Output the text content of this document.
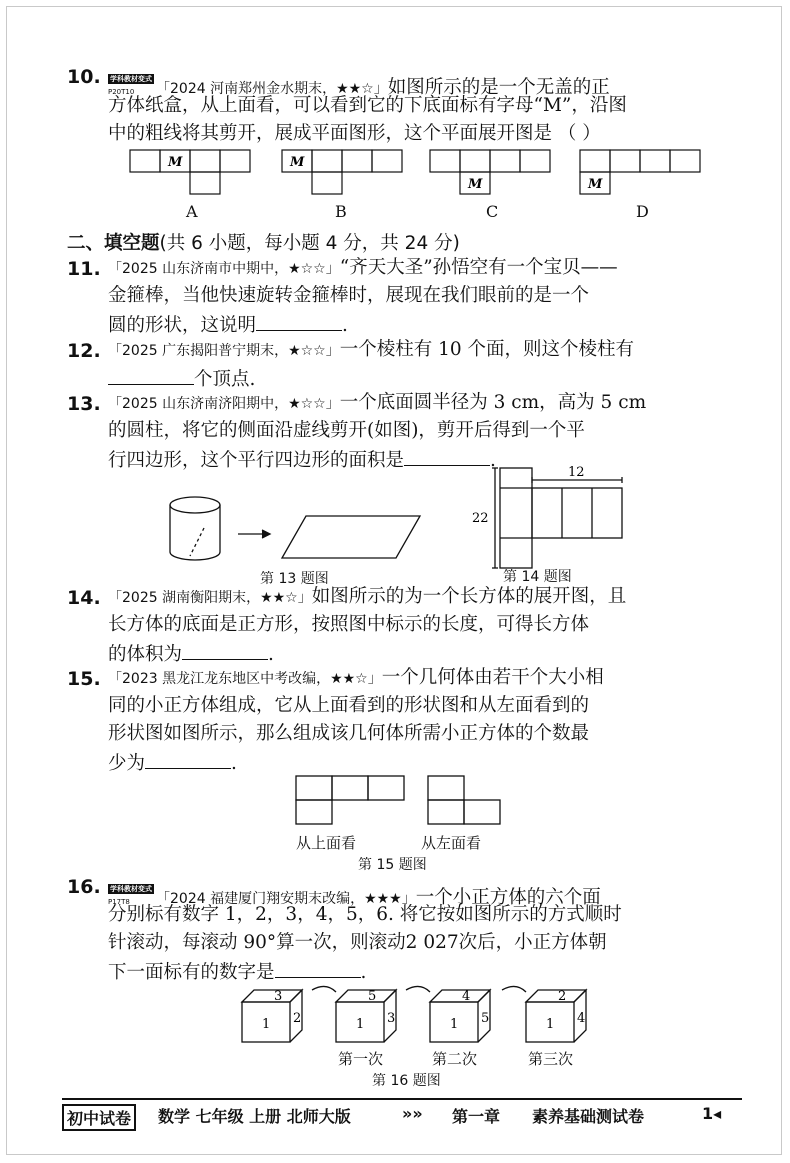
10. 学科教材变式
P20T10 「2024 河南郑州金水期末，★★☆」如图所示的是一个无盖的正
方体纸盒，从上面看，可以看到它的下底面标有字母“M”，沿图
中的粗线将其剪开，展成平面图形，这个平面展开图是 （ ）
M	M
M	M
A	B	C	D
二、填空题(共 6 小题，每小题 4 分，共 24 分)
11. 「2025 山东济南市中期中，★☆☆」“齐天大圣”孙悟空有一个宝贝——
金箍棒，当他快速旋转金箍棒时，展现在我们眼前的是一个
圆的形状，这说明	.
12. 「2025 广东揭阳普宁期末，★☆☆」一个棱柱有 10 个面，则这个棱柱有
个顶点.
13. 「2025 山东济南济阳期中，★☆☆」一个底面圆半径为 3 cm，高为 5 cm
的圆柱，将它的侧面沿虚线剪开(如图)，剪开后得到一个平
行四边形，这个平行四边形的面积是	.
第 13 题图
12
22
第 14 题图
14. 「2025 湖南衡阳期末，★★☆」如图所示的为一个长方体的展开图，且
长方体的底面是正方形，按照图中标示的长度，可得长方体
的体积为	.
15. 「2023 黑龙江龙东地区中考改编，★★☆」一个几何体由若干个大小相
同的小正方体组成，它从上面看到的形状图和从左面看到的
形状图如图所示，那么组成该几何体所需小正方体的个数最
少为	.
从上面看	从左面看
第 15 题图
16. 学科教材变式
P17T8 「2024 福建厦门翔安期末改编，★★★」一个小正方体的六个面
分别标有数字 1，2，3，4，5，6. 将它按如图所示的方式顺时
针滚动，每滚动 90°算一次，则滚动2 027次后，小正方体朝
下一面标有的数字是	.
3
1 2
5
1 3
4
1 5
2
1 4
第一次	第二次	第三次
第 16 题图
初中试卷	数学 七年级 上册 北师大版	»» 第一章 素养基础测试卷	1◂
